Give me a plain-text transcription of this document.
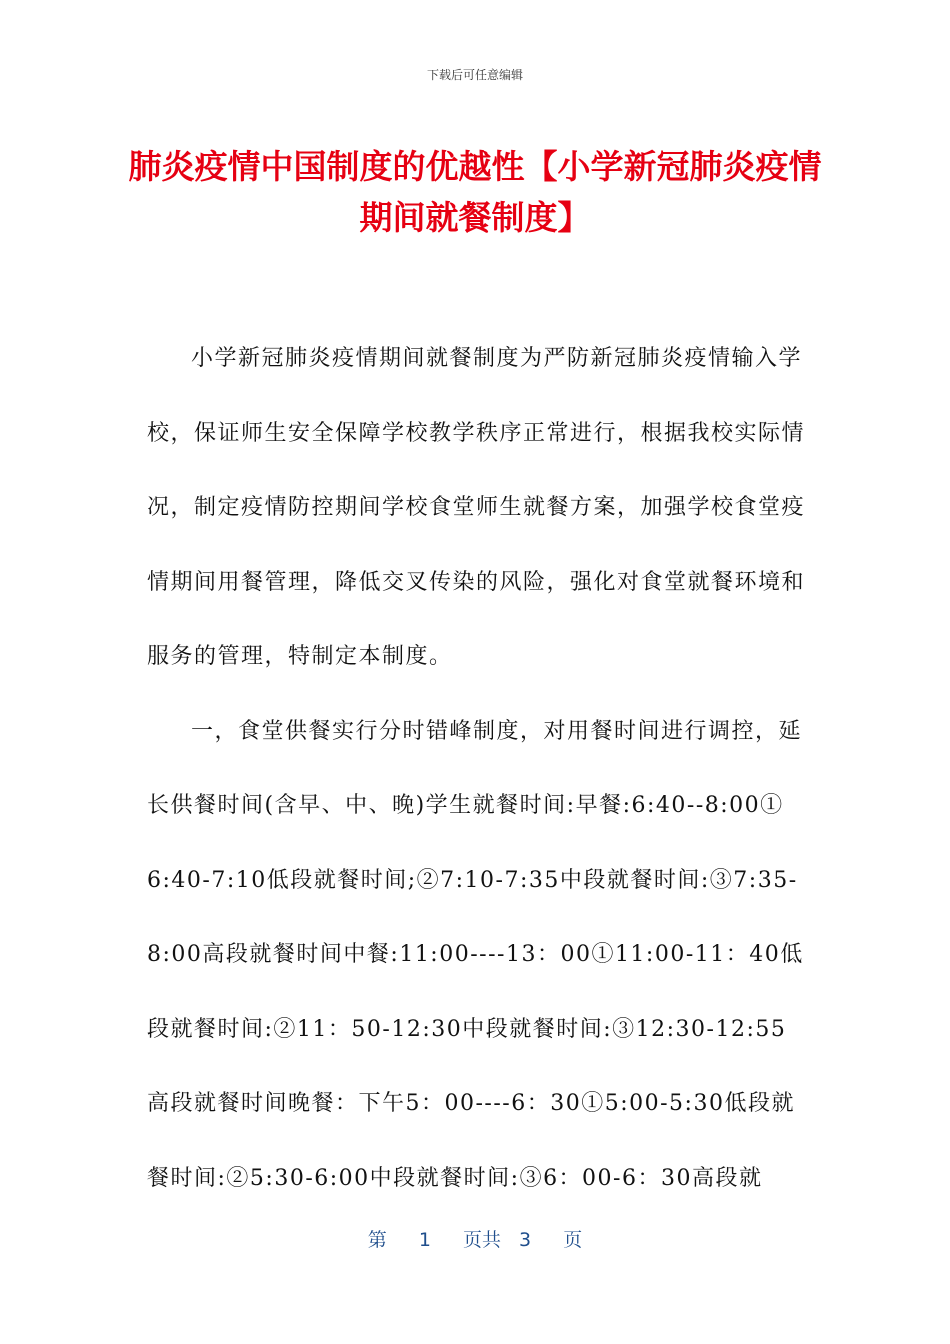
下载后可任意编辑
肺炎疫情中国制度的优越性【小学新冠肺炎疫情期间就餐制度】

小学新冠肺炎疫情期间就餐制度为严防新冠肺炎疫情输入学校，保证师生安全保障学校教学秩序正常进行，根据我校实际情况，制定疫情防控期间学校食堂师生就餐方案，加强学校食堂疫情期间用餐管理，降低交叉传染的风险，强化对食堂就餐环境和服务的管理，特制定本制度。

一，食堂供餐实行分时错峰制度，对用餐时间进行调控，延长供餐时间(含早、中、晚)学生就餐时间:早餐:6:40--8:00①6:40-7:10低段就餐时间;②7:10-7:35中段就餐时间:③7:35-8:00高段就餐时间中餐:11:00----13：00①11:00-11：40低段就餐时间:②11：50-12:30中段就餐时间:③12:30-12:55高段就餐时间晚餐：下午5：00----6：30①5:00-5:30低段就餐时间:②5:30-6:00中段就餐时间:③6：00-6：30高段就

第 1 页共 3 页
